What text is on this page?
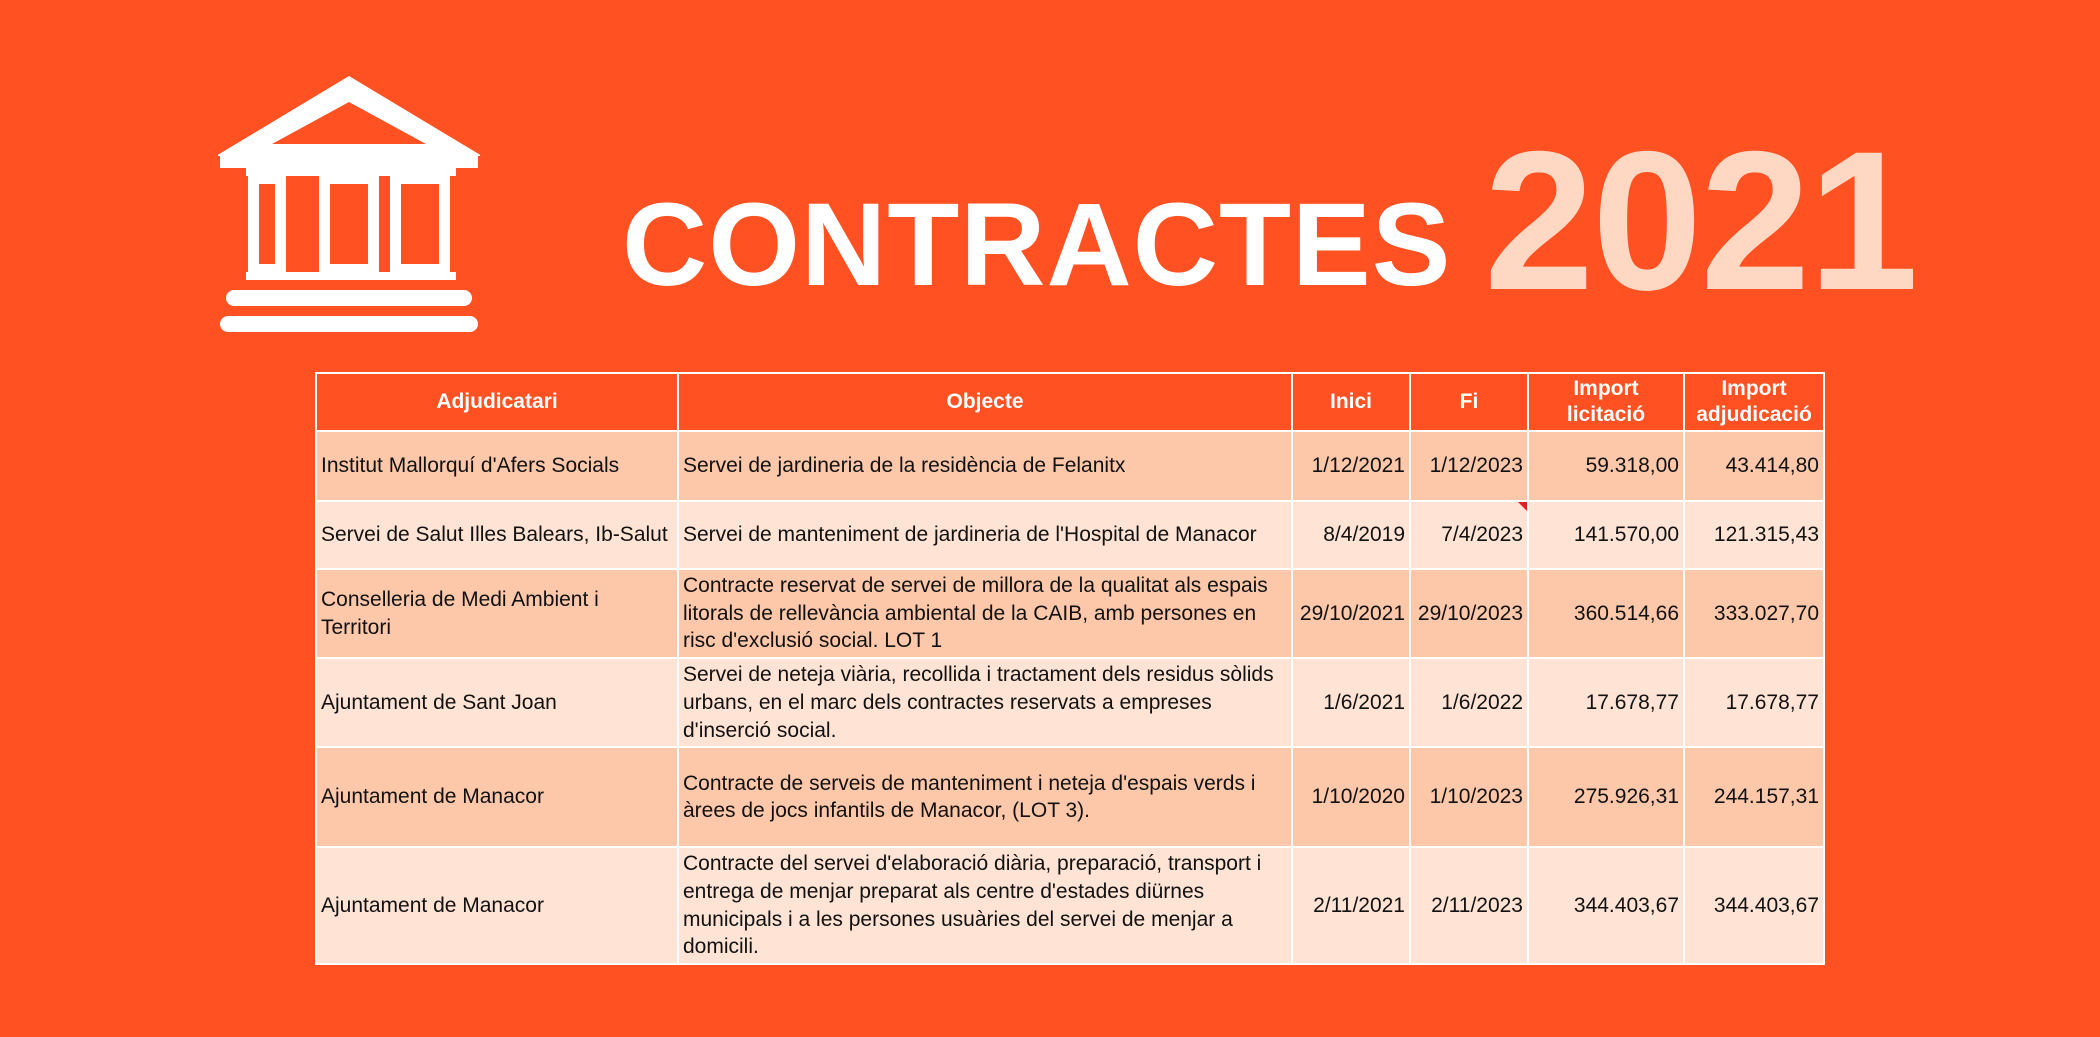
CONTRACTES 2021
Adjudicatari	Objecte	Inici	Fi	Import licitació	Import adjudicació
Institut Mallorquí d'Afers Socials	Servei de jardineria de la residència de Felanitx	1/12/2021	1/12/2023	59.318,00	43.414,80
Servei de Salut Illes Balears, Ib-Salut	Servei de manteniment de jardineria de l'Hospital de Manacor	8/4/2019	7/4/2023	141.570,00	121.315,43
Conselleria de Medi Ambient i Territori	Contracte reservat de servei de millora de la qualitat als espais litorals de rellevància ambiental de la CAIB, amb persones en risc d'exclusió social. LOT 1	29/10/2021	29/10/2023	360.514,66	333.027,70
Ajuntament de Sant Joan	Servei de neteja viària, recollida i tractament dels residus sòlids urbans, en el marc dels contractes reservats a empreses d'inserció social.	1/6/2021	1/6/2022	17.678,77	17.678,77
Ajuntament de Manacor	Contracte de serveis de manteniment i neteja d'espais verds i àrees de jocs infantils de Manacor, (LOT 3).	1/10/2020	1/10/2023	275.926,31	244.157,31
Ajuntament de Manacor	Contracte del servei d'elaboració diària, preparació, transport i entrega de menjar preparat als centre d'estades diürnes municipals i a les persones usuàries del servei de menjar a domicili.	2/11/2021	2/11/2023	344.403,67	344.403,67
